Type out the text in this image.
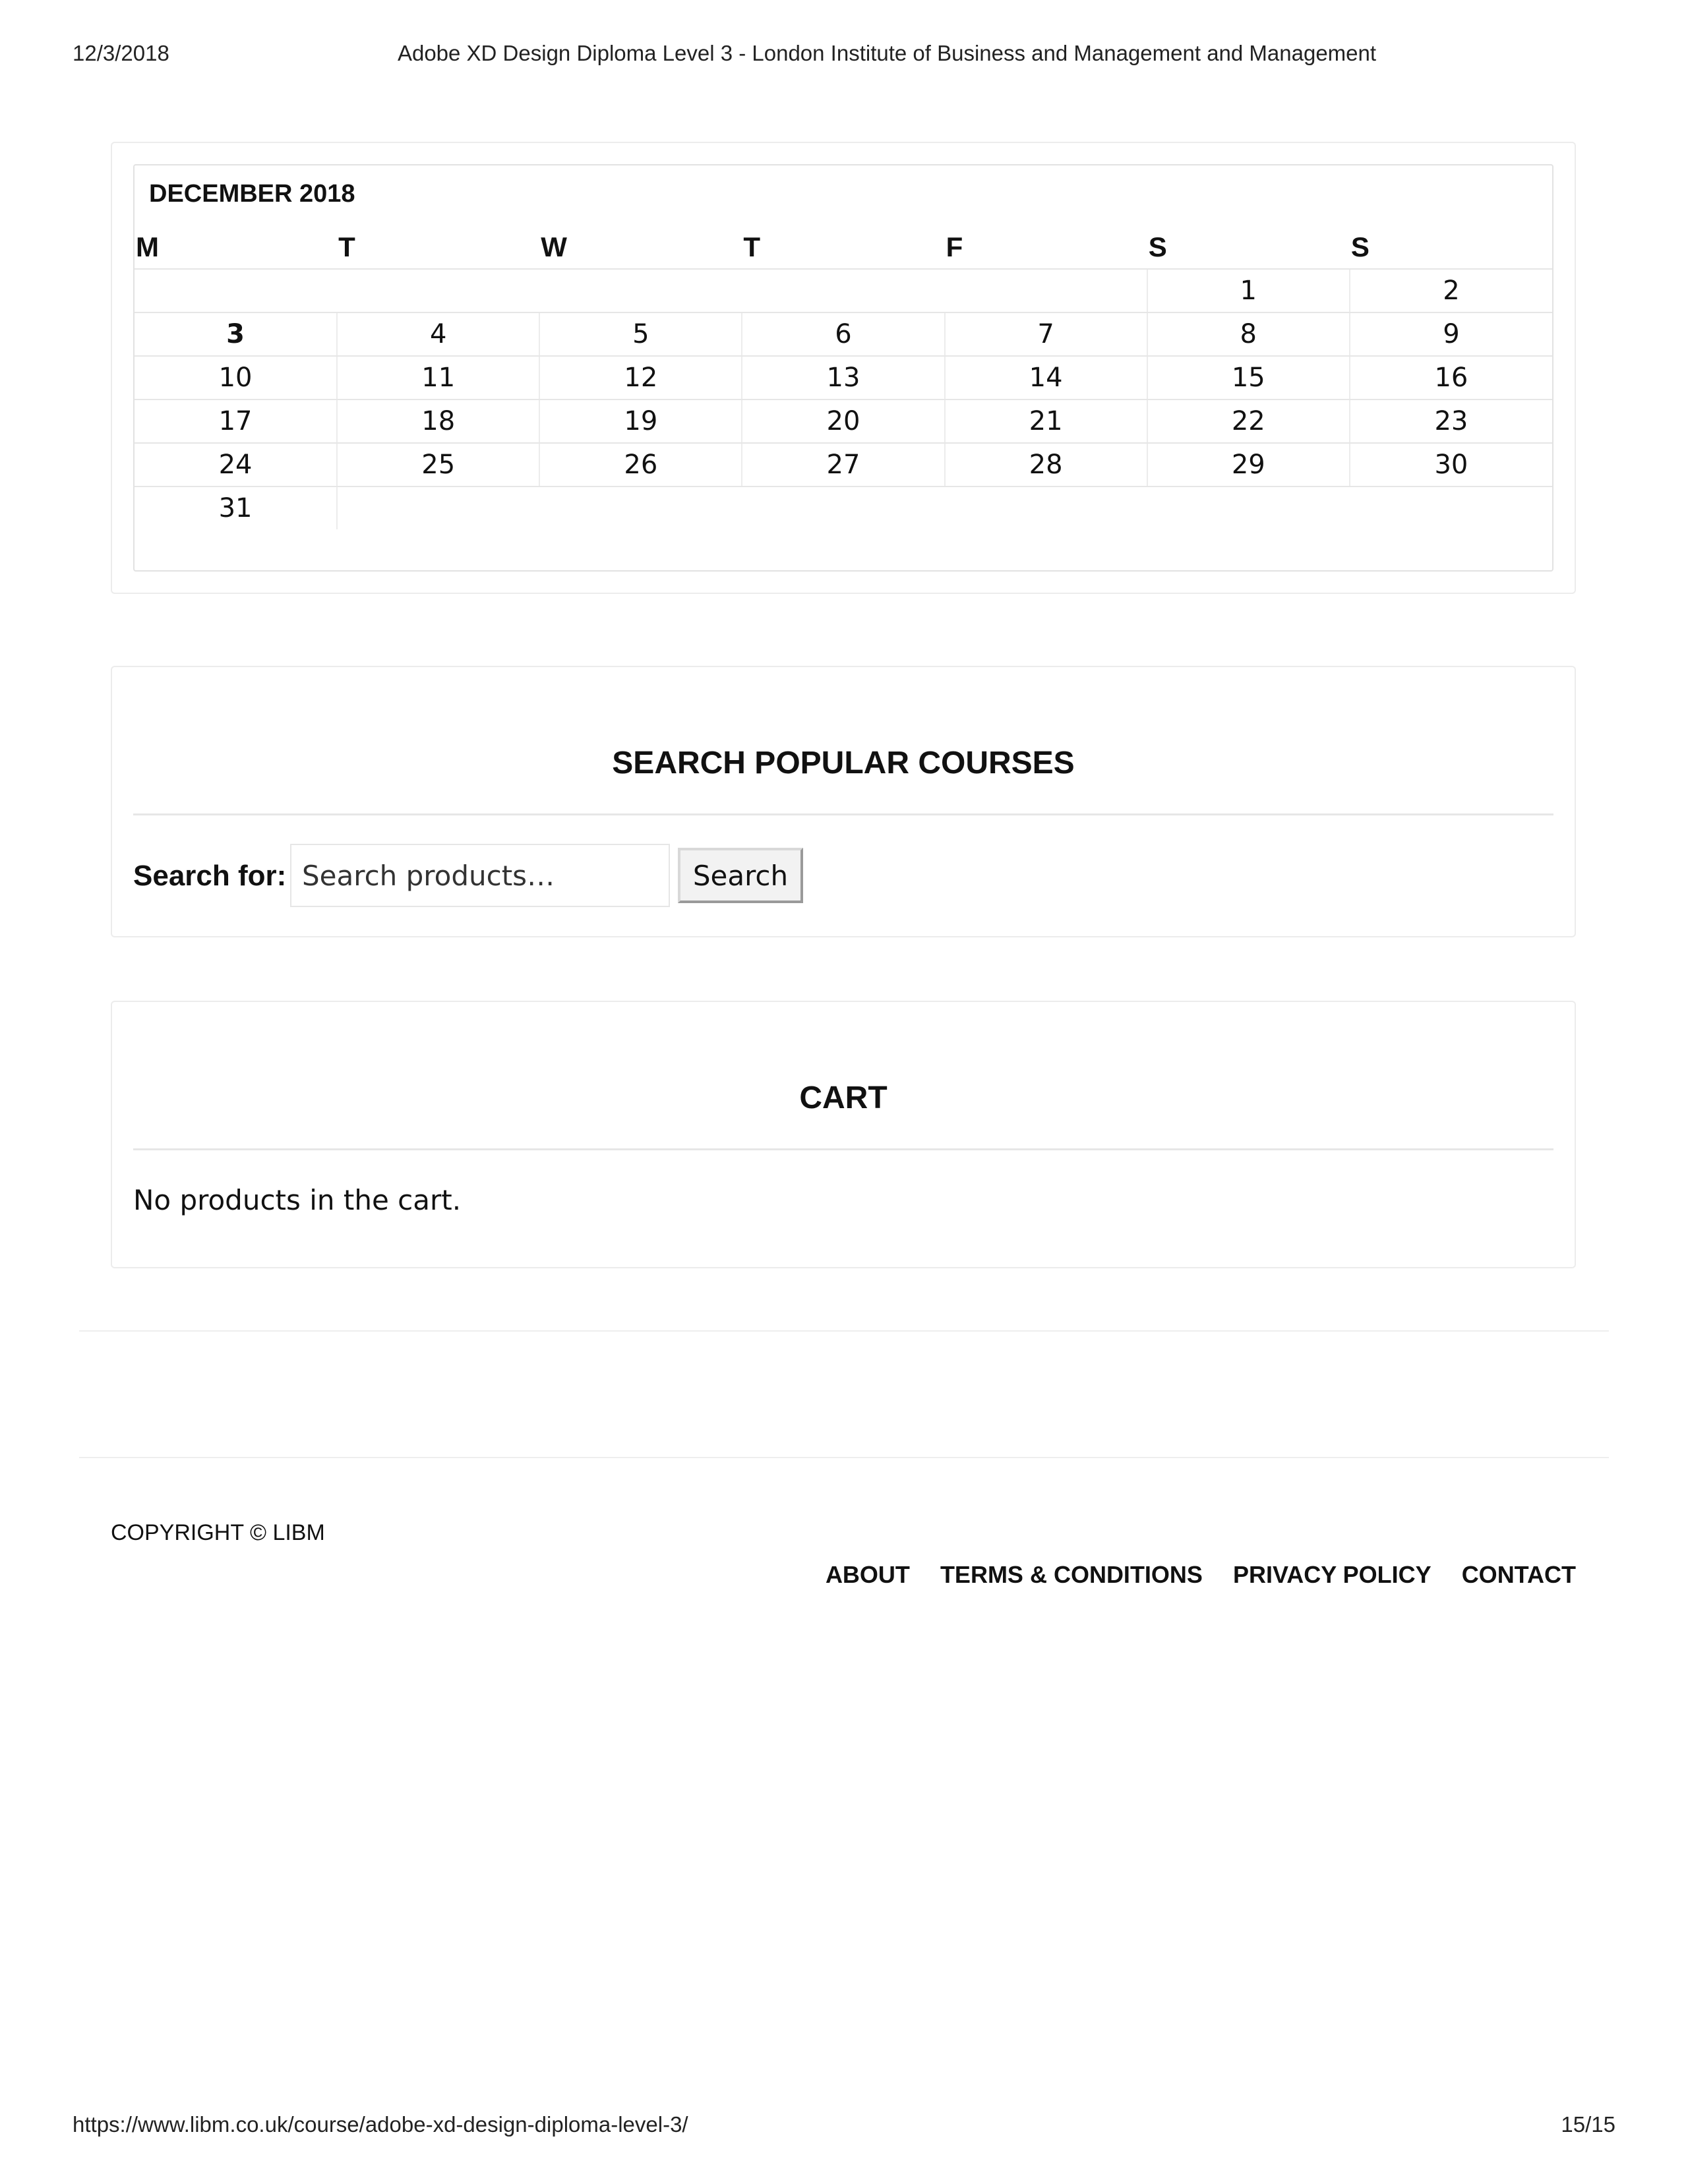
12/3/2018	Adobe XD Design Diploma Level 3 - London Institute of Business and Management and Management
DECEMBER 2018
M	T	W	T	F	S	S
					1	2
3	4	5	6	7	8	9
10	11	12	13	14	15	16
17	18	19	20	21	22	23
24	25	26	27	28	29	30
31						
SEARCH POPULAR COURSES
Search for:
Search products…	Search
CART

No products in the cart.

COPYRIGHT © LIBM
ABOUT TERMS & CONDITIONS PRIVACY POLICY CONTACT
https://www.libm.co.uk/course/adobe-xd-design-diploma-level-3/	15/15
